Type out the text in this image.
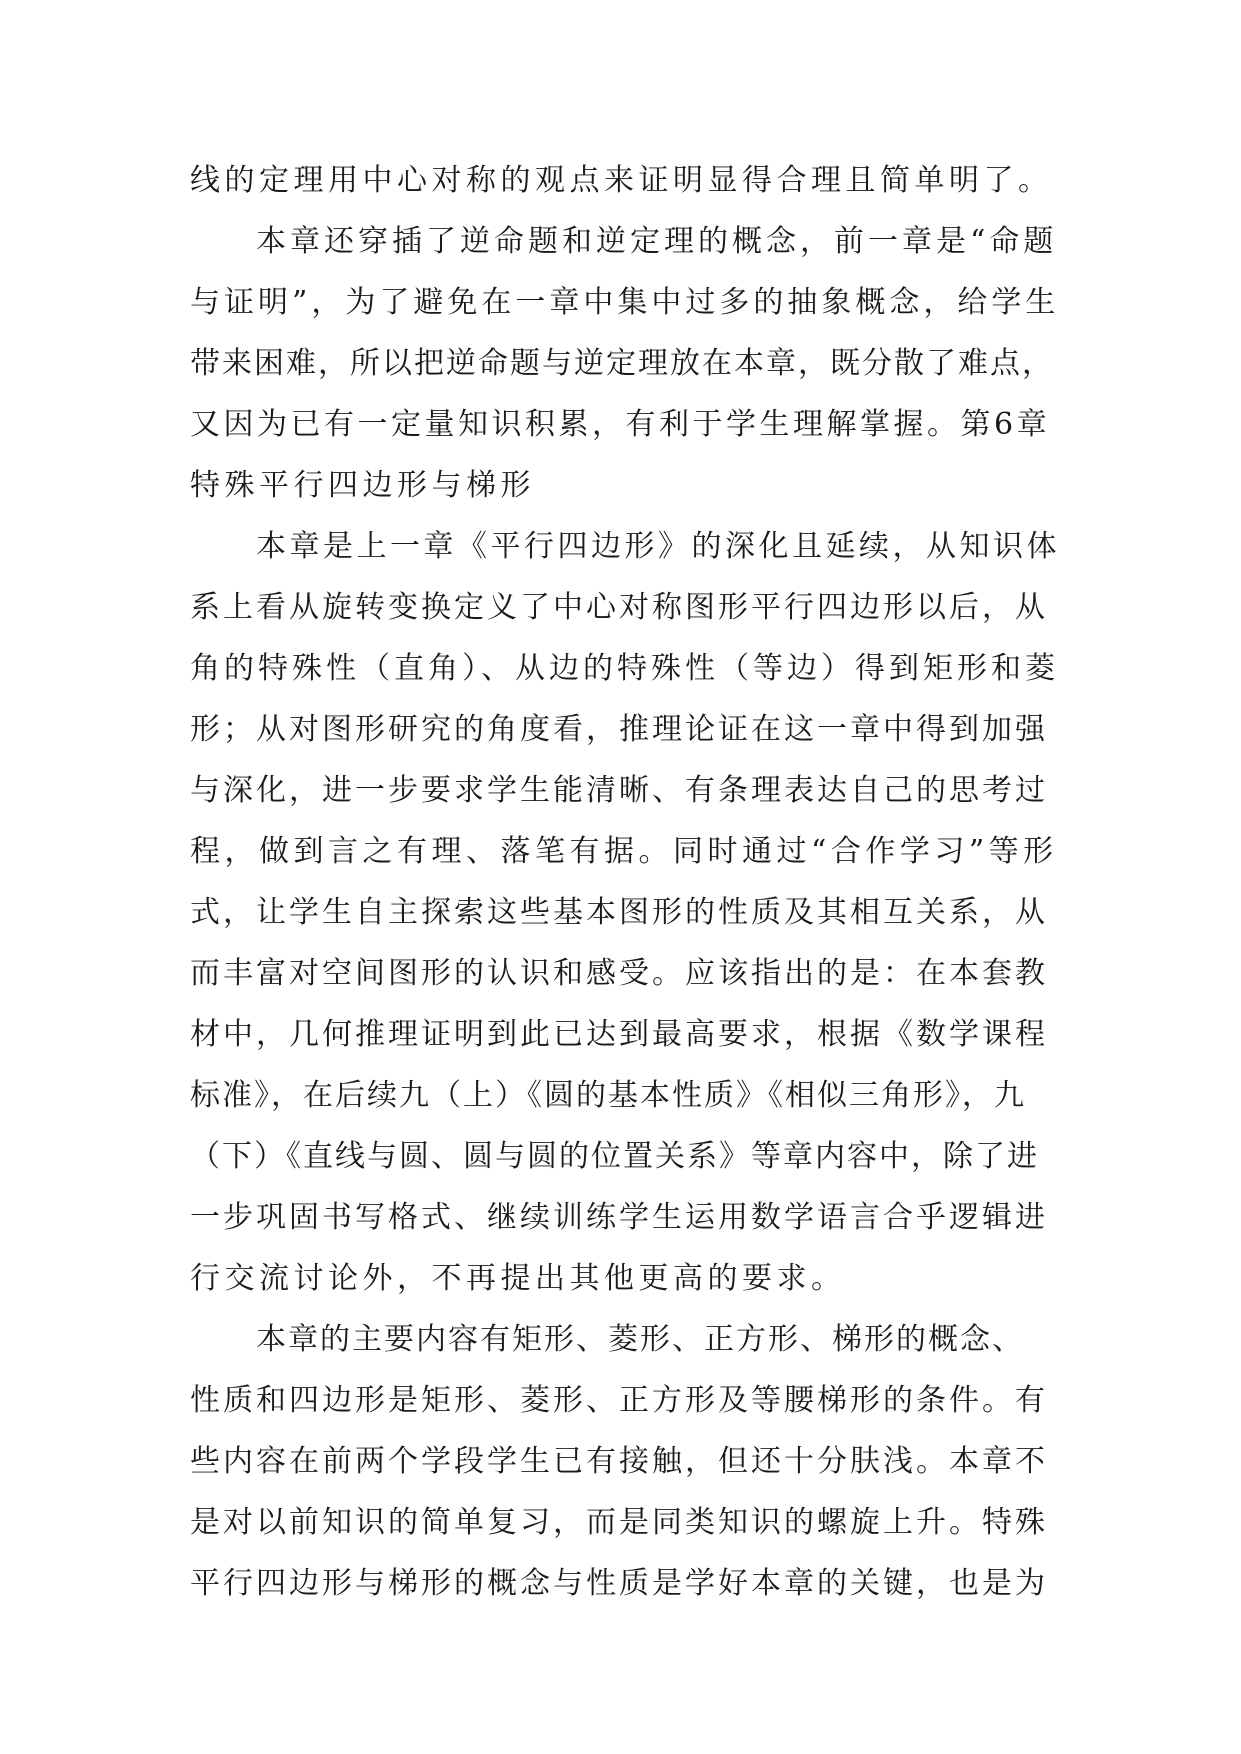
线的定理用中心对称的观点来证明显得合理且简单明了。
本章还穿插了逆命题和逆定理的概念，前一章是“命题
与证明”，为了避免在一章中集中过多的抽象概念，给学生
带来困难，所以把逆命题与逆定理放在本章，既分散了难点，
又因为已有一定量知识积累，有利于学生理解掌握。第6章
特殊平行四边形与梯形
本章是上一章《平行四边形》的深化且延续，从知识体
系上看从旋转变换定义了中心对称图形平行四边形以后，从
角的特殊性（直角）、从边的特殊性（等边）得到矩形和菱
形；从对图形研究的角度看，推理论证在这一章中得到加强
与深化，进一步要求学生能清晰、有条理表达自己的思考过
程，做到言之有理、落笔有据。同时通过“合作学习”等形
式，让学生自主探索这些基本图形的性质及其相互关系，从
而丰富对空间图形的认识和感受。应该指出的是：在本套教
材中，几何推理证明到此已达到最高要求，根据《数学课程
标准》，在后续九（上）《圆的基本性质》《相似三角形》，九
（下）《直线与圆、圆与圆的位置关系》等章内容中，除了进
一步巩固书写格式、继续训练学生运用数学语言合乎逻辑进
行交流讨论外，不再提出其他更高的要求。
本章的主要内容有矩形、菱形、正方形、梯形的概念、
性质和四边形是矩形、菱形、正方形及等腰梯形的条件。有
些内容在前两个学段学生已有接触，但还十分肤浅。本章不
是对以前知识的简单复习，而是同类知识的螺旋上升。特殊
平行四边形与梯形的概念与性质是学好本章的关键，也是为
